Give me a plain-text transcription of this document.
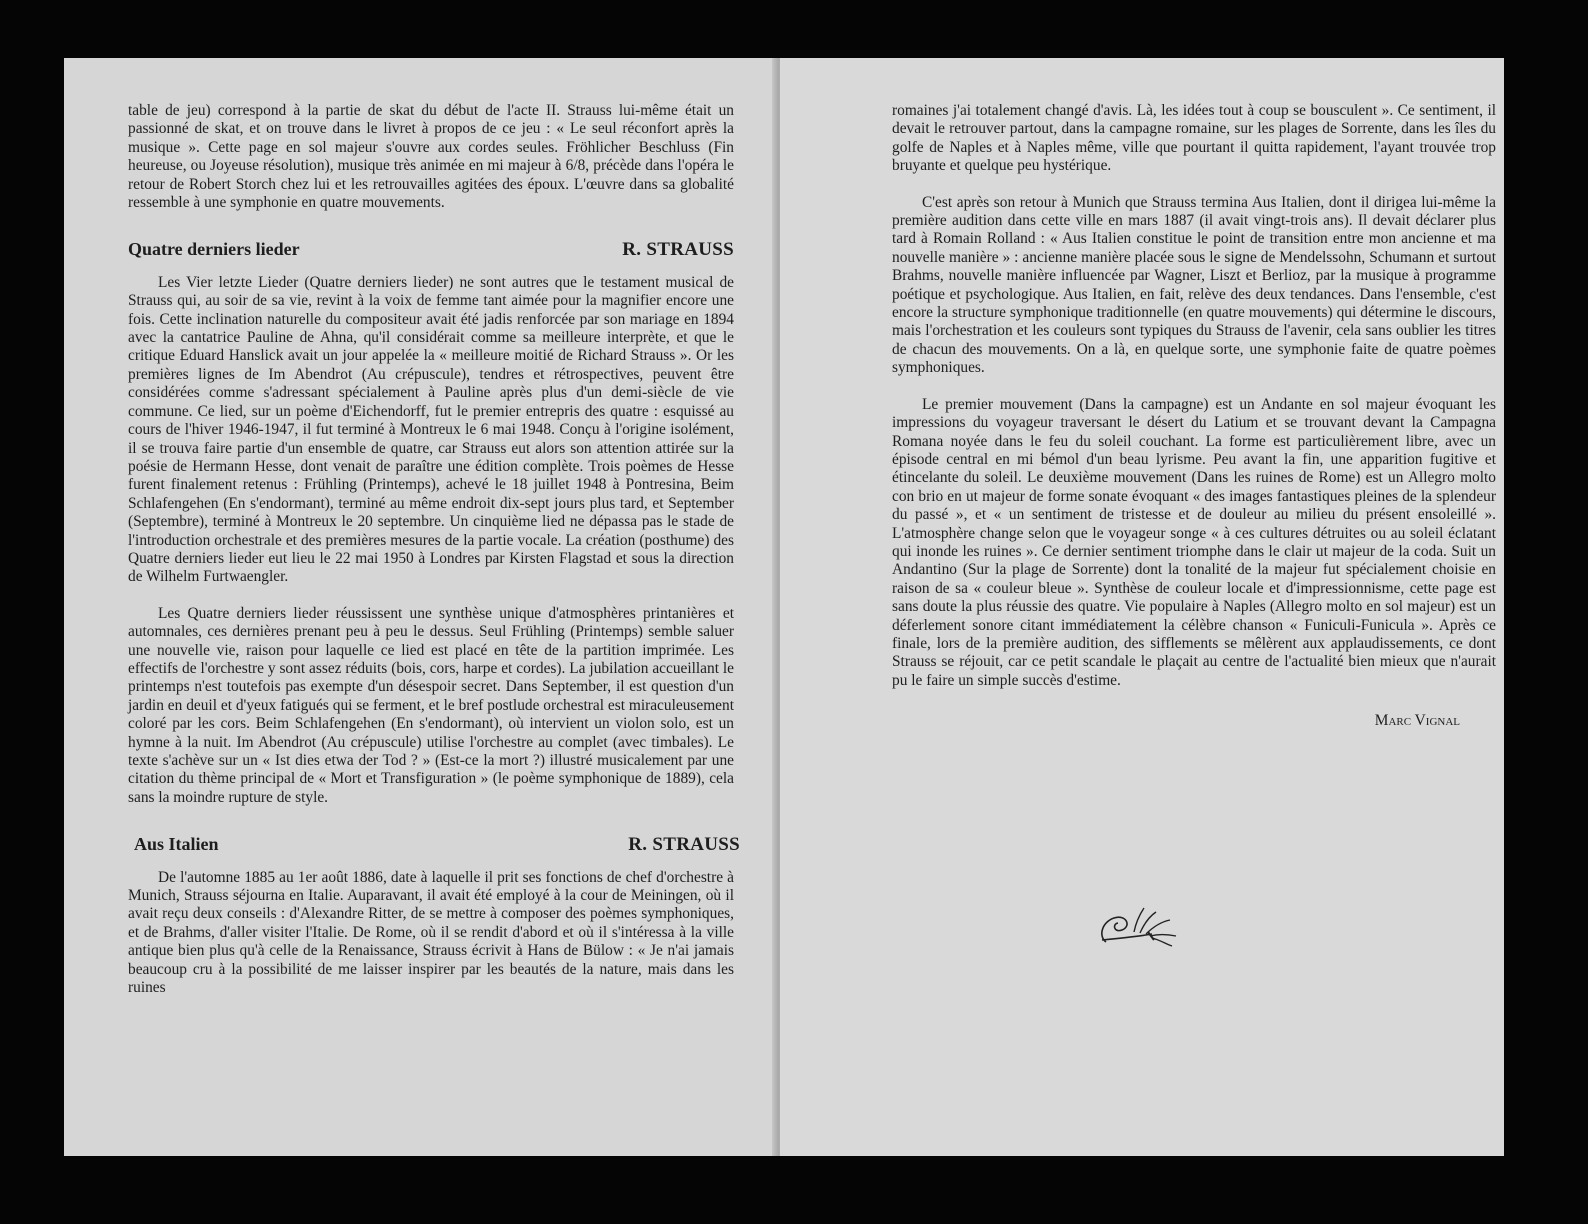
table de jeu) correspond à la partie de skat du début de l'acte II. Strauss lui-même était un passionné de skat, et on trouve dans le livret à propos de ce jeu : « Le seul réconfort après la musique ». Cette page en sol majeur s'ouvre aux cordes seules. Fröhlicher Beschluss (Fin heureuse, ou Joyeuse résolution), musique très animée en mi majeur à 6/8, précède dans l'opéra le retour de Robert Storch chez lui et les retrouvailles agitées des époux. L'œuvre dans sa globalité ressemble à une symphonie en quatre mouvements.

Quatre derniers lieder	R. STRAUSS

Les Vier letzte Lieder (Quatre derniers lieder) ne sont autres que le testament musical de Strauss qui, au soir de sa vie, revint à la voix de femme tant aimée pour la magnifier encore une fois. Cette inclination naturelle du compositeur avait été jadis renforcée par son mariage en 1894 avec la cantatrice Pauline de Ahna, qu'il considérait comme sa meilleure interprète, et que le critique Eduard Hanslick avait un jour appelée la « meilleure moitié de Richard Strauss ». Or les premières lignes de Im Abendrot (Au crépuscule), tendres et rétrospectives, peuvent être considérées comme s'adressant spécialement à Pauline après plus d'un demi-siècle de vie commune. Ce lied, sur un poème d'Eichendorff, fut le premier entrepris des quatre : esquissé au cours de l'hiver 1946-1947, il fut terminé à Montreux le 6 mai 1948. Conçu à l'origine isolément, il se trouva faire partie d'un ensemble de quatre, car Strauss eut alors son attention attirée sur la poésie de Hermann Hesse, dont venait de paraître une édition complète. Trois poèmes de Hesse furent finalement retenus : Frühling (Printemps), achevé le 18 juillet 1948 à Pontresina, Beim Schlafengehen (En s'endormant), terminé au même endroit dix-sept jours plus tard, et September (Septembre), terminé à Montreux le 20 septembre. Un cinquième lied ne dépassa pas le stade de l'introduction orchestrale et des premières mesures de la partie vocale. La création (posthume) des Quatre derniers lieder eut lieu le 22 mai 1950 à Londres par Kirsten Flagstad et sous la direction de Wilhelm Furtwaengler.

Les Quatre derniers lieder réussissent une synthèse unique d'atmosphères printanières et automnales, ces dernières prenant peu à peu le dessus. Seul Frühling (Printemps) semble saluer une nouvelle vie, raison pour laquelle ce lied est placé en tête de la partition imprimée. Les effectifs de l'orchestre y sont assez réduits (bois, cors, harpe et cordes). La jubilation accueillant le printemps n'est toutefois pas exempte d'un désespoir secret. Dans September, il est question d'un jardin en deuil et d'yeux fatigués qui se ferment, et le bref postlude orchestral est miraculeusement coloré par les cors. Beim Schlafengehen (En s'endormant), où intervient un violon solo, est un hymne à la nuit. Im Abendrot (Au crépuscule) utilise l'orchestre au complet (avec timbales). Le texte s'achève sur un « Ist dies etwa der Tod ? » (Est-ce la mort ?) illustré musicalement par une citation du thème principal de « Mort et Transfiguration » (le poème symphonique de 1889), cela sans la moindre rupture de style.

Aus Italien	R. STRAUSS

De l'automne 1885 au 1er août 1886, date à laquelle il prit ses fonctions de chef d'orchestre à Munich, Strauss séjourna en Italie. Auparavant, il avait été employé à la cour de Meiningen, où il avait reçu deux conseils : d'Alexandre Ritter, de se mettre à composer des poèmes symphoniques, et de Brahms, d'aller visiter l'Italie. De Rome, où il se rendit d'abord et où il s'intéressa à la ville antique bien plus qu'à celle de la Renaissance, Strauss écrivit à Hans de Bülow : « Je n'ai jamais beaucoup cru à la possibilité de me laisser inspirer par les beautés de la nature, mais dans les ruines

romaines j'ai totalement changé d'avis. Là, les idées tout à coup se bousculent ». Ce sentiment, il devait le retrouver partout, dans la campagne romaine, sur les plages de Sorrente, dans les îles du golfe de Naples et à Naples même, ville que pourtant il quitta rapidement, l'ayant trouvée trop bruyante et quelque peu hystérique.

C'est après son retour à Munich que Strauss termina Aus Italien, dont il dirigea lui-même la première audition dans cette ville en mars 1887 (il avait vingt-trois ans). Il devait déclarer plus tard à Romain Rolland : « Aus Italien constitue le point de transition entre mon ancienne et ma nouvelle manière » : ancienne manière placée sous le signe de Mendelssohn, Schumann et surtout Brahms, nouvelle manière influencée par Wagner, Liszt et Berlioz, par la musique à programme poétique et psychologique. Aus Italien, en fait, relève des deux tendances. Dans l'ensemble, c'est encore la structure symphonique traditionnelle (en quatre mouvements) qui détermine le discours, mais l'orchestration et les couleurs sont typiques du Strauss de l'avenir, cela sans oublier les titres de chacun des mouvements. On a là, en quelque sorte, une symphonie faite de quatre poèmes symphoniques.

Le premier mouvement (Dans la campagne) est un Andante en sol majeur évoquant les impressions du voyageur traversant le désert du Latium et se trouvant devant la Campagna Romana noyée dans le feu du soleil couchant. La forme est particulièrement libre, avec un épisode central en mi bémol d'un beau lyrisme. Peu avant la fin, une apparition fugitive et étincelante du soleil. Le deuxième mouvement (Dans les ruines de Rome) est un Allegro molto con brio en ut majeur de forme sonate évoquant « des images fantastiques pleines de la splendeur du passé », et « un sentiment de tristesse et de douleur au milieu du présent ensoleillé ». L'atmosphère change selon que le voyageur songe « à ces cultures détruites ou au soleil éclatant qui inonde les ruines ». Ce dernier sentiment triomphe dans le clair ut majeur de la coda. Suit un Andantino (Sur la plage de Sorrente) dont la tonalité de la majeur fut spécialement choisie en raison de sa « couleur bleue ». Synthèse de couleur locale et d'impressionnisme, cette page est sans doute la plus réussie des quatre. Vie populaire à Naples (Allegro molto en sol majeur) est un déferlement sonore citant immédiatement la célèbre chanson « Funiculi-Funicula ». Après ce finale, lors de la première audition, des sifflements se mêlèrent aux applaudissements, ce dont Strauss se réjouit, car ce petit scandale le plaçait au centre de l'actualité bien mieux que n'aurait pu le faire un simple succès d'estime.

Marc Vignal
